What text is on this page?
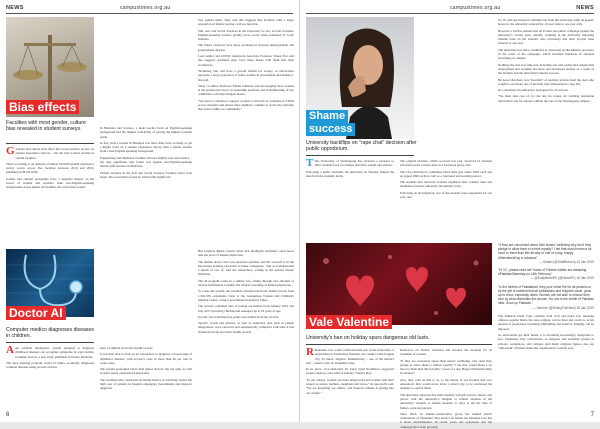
NEWS	campustimes.org.au
Bias effects
Faculties with most gender, culture bias revealed in student surveys.

G Gender and culture both affect the scores teachers receive on student experience surveys – but the bias is more notable in certain faculties.

That's according to an analysis of almost 523,000 student experience survey scores across five faculties between 2010 and 2016, published in PLOS ONE.

Gender and cultural personality have a 'negative impact' on the scores of women and teachers from non-English-speaking backgrounds across almost all faculties, the researchers found.

In Business and Science, a male teacher from an English-speaking background had the highest probability of getting the highest possible grade.

In fact, such a teacher in Business was more than twice as likely to get a higher score on a student experience survey than a female teacher from a non-English-speaking background.

Engineering and Medicine faculties showed slightly less discrepancy – the only significant bias found was against non-English-speaking female staff teachers in Medicine.

Female teachers in the Arts and Social Sciences faculties fared even better. The researchers found no statistically significant

bias against them. They said this suggests that faculties with a larger proportion of female teachers will see less bias.

Still, Arts and Social Sciences in the University do not, in both facilities, English-speaking teachers getting lower scores when evaluated by 'local' students.

The biases observed were more pronounced between undergraduate and postgraduate degrees.

Lead author and UNSW statistician Associate Professor Yanan Fan said this suggests graduates may carry these biases with them into their workplaces.

"Reducing bias will have a growth benefit for society, as universities represent a large proportion of future leaders in government and industry," she said.

Study co-author Professor Emma Johnston said encouraging more women at the postdoctoral level, in leadership positions and in membership of key committees will help mitigate biases.

"We need to continue to support women at all levels of academia to STEM across Australia and ensure these numbers continue to create the partiality that exists within our community."

Doctor AI
Computer medico diagnoses diseases in children.

A An artificial intelligence system designed to diagnose childhood diseases can recognise symptoms in ways similar to human doctors, a new study published in Nature Medicine.

The deep learning program, tested in China, accurately diagnosed common diseases using records of more

than 1.4 million electronic health records.

It was then able to draw on its 'experience' to diagnose a broad range of childhood diseases, with accuracy rates of more than 90 per cent in some cases.

The system performed better than junior doctors, but not quite as well as more senior experienced physicians.

The scientists who created the AI model believe it could help reduce the high cost of patients in hospital emergency departments and improve diagnosis.

But sceptical Birkin experts insist that intelligent machines could never take the place of human physicians.

The human doctor who was surprised question said the research is in the knowledge learning extraction to make a diagnosis. "Just so it understands a bunch of sort of, said the researchers, writing in the journal Nature Medicine.

The AI program works in a similar way, sifting through vast amounts of clinical information to mimic the clinical reasoning of human physicians.

To create the system, the scientists obtained electronic health records from 1,362,559 outpatients visits to the Guangzhou Women and Children's Medical Center, a major government hospital in China.

The records contained data of patient encounters from January 2016 and July 2017 involving children and teenagers up to 18 years of age.

In total, 101.6 million data points were mined from the records.

Specific words and phrases, as well as numerical data such as patient temperature, were extracted and automatically compared with what it had learned from the electronic health records.

6
campustimes.org.au	NEWS
Shame
success
University backflips on "rape chat" decision after public opprobrium.

T The University of Wollongong has reversed a decision to allow students back on campus after they sought rape threats.

Following a public backlash, the university on Tuesday banned the men from the students' dorm.

The original incident, which occurred last year, involved 10 students who had posted various chats in a Facebook group chat.

The vice-chancellor's committee fined them just under $300 each and an appeal ($90 each) as well as a cautioned and warning period.

The students also narrowly avoided expulsion after conduct rules and mediation from the university disciplinary body.

Following an investigation, two of the students were suspended for one year, and

for 10, and one incurred a lifetime ban from the university. After an appeal, however, the university reduced the 10-year bans to one year only.

However a Fairfax website had on Twitter, the public campaign against the university's actions grew quickly, resulting in the university imposing lifetime bans on the students who previously had their 10-year bans reduced to one year.

The university has since committed to reviewing its disciplinary processes in the wake of the campaign, which included hundreds of students protesting on campus.

Nothing else was ever imposed, including one who earlier had resigned his employment and working discourse and developed anxiety as a result of the incident and the university's inquiry process.

He noted that there was "heartfelt" of attempts actions from the men who sought to encounter one of the men who'd threatened to rape her.

In a statement, the university apologised for its actions.

"We must take care of, for the last six weeks, for building Australian universities and for anyone without the care of the Wollongong campus."

Vale Valentine
University's ban on holiday spurs dangerous old lusts.

R Romantic love wasn't celebrated this year at the University of Agriculture in Faisalabad, Pakistan, the country's third largest city. To much, disguise, Romantically – one of the nation's best – issued a ban on Valentine's Day.

In its place, vice-chancellor Dr Zafar Iqbal Randhawa suggested people observe a new kind of holiday: 'Sister's Day'.

"In our culture, women are more empowered and women find their respect as sisters, mothers, daughters and wives," he reportedly said. "We are forgetting our culture, and Western cultures is getting into our culture."

Detractors on Twitter criticised and mocked the decision for its treatment of women.

"If they are concerned about their sisters' wellbeing, why don't they pledge to allow them to inherit equally? I bet that would mean a lot more to them than this frivolity." tweet of a day. Happy #Valentine'sDay in advance!

Also, they can't do this to us, to the nation. If our Prophet had ever announced, they would never allow a sister's day to be celebrated the students to exploit them.

The university expected that male students will gift scarves, shawls and gloves with the university's insignia to female students in the university's insignia to female students. It stays to tell the time of fathers, sons and unclear.

Since 2016, an Islamic-conservative group has banned public celebrations of Valentine's Day and it's no harder the Moulana Law has it about discrimination. In recent years, the opposition and the campaign have been growing.

"If they are concerned about their sisters' wellbeing why don't they pledge to allow them to inherit equally? I bet that would mean a lot more to them than this frivolity or half of a day. Happy #ValentinesDay in advance"
— Shalini (@ShalReborn) 13 Jan 2019
"Hi VC, please read me! Same of Thirteen twitter are attracting #PakistanSisterday on 14th February."
— @DailyNewsPK (@NewsPK) 15 Jan 2019
"In the streets of Faisalabad, they pour virtue fire for all persons or by the gift of material that all civilisations and religions value, grow up to know, especially Islam. Women are not able to choose their love by what disentitles the women. No one is the entitle of Pakistan idea. Grow up Pakistan."
— Sameer (@ShahyTheNivel) 15 Jan 2019

The Pakistan Penal Code contains both civil and penal law, meaning offences against Islam, the state religion, can be fines and convicts. A fair amount of population: including bullfighting and death by hanging, can be imposed.

As universities get their hands, it is becoming increasingly dangerous to face Valentine's Day celebrations, as religious and extremist groups in schools, workplaces, and colleges. And many religious figures also say "anti-Islam" activities make the organisation's website says.

7
